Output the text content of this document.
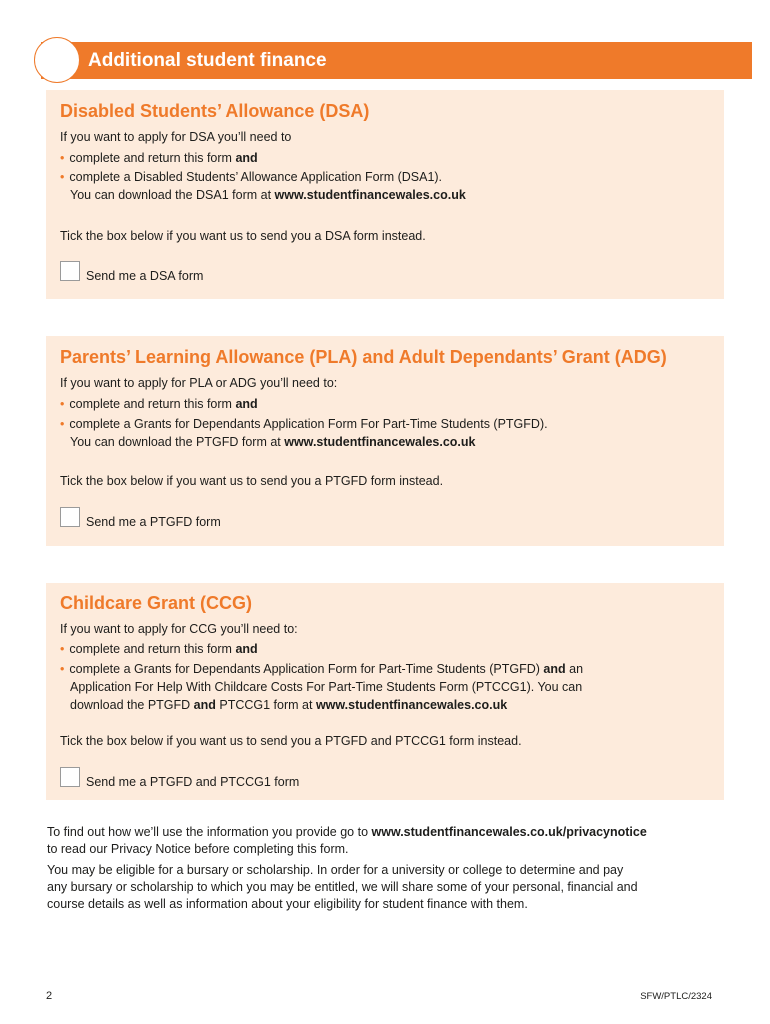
Additional student finance
Disabled Students’ Allowance (DSA)

If you want to apply for DSA you’ll need to

• complete and return this form and

• complete a Disabled Students’ Allowance Application Form (DSA1).

You can download the DSA1 form at www.studentfinancewales.co.uk

Tick the box below if you want us to send you a DSA form instead.

Send me a DSA form
Parents’ Learning Allowance (PLA) and Adult Dependants’ Grant (ADG)

If you want to apply for PLA or ADG you’ll need to:

• complete and return this form and

• complete a Grants for Dependants Application Form For Part-Time Students (PTGFD).

You can download the PTGFD form at www.studentfinancewales.co.uk

Tick the box below if you want us to send you a PTGFD form instead.

Send me a PTGFD form
Childcare Grant (CCG)

If you want to apply for CCG you’ll need to:

• complete and return this form and

• complete a Grants for Dependants Application Form for Part-Time Students (PTGFD) and an

Application For Help With Childcare Costs For Part-Time Students Form (PTCCG1). You can

download the PTGFD and PTCCG1 form at www.studentfinancewales.co.uk

Tick the box below if you want us to send you a PTGFD and PTCCG1 form instead.

Send me a PTGFD and PTCCG1 form

To find out how we’ll use the information you provide go to www.studentfinancewales.co.uk/privacynotice

to read our Privacy Notice before completing this form.

You may be eligible for a bursary or scholarship. In order for a university or college to determine and pay

any bursary or scholarship to which you may be entitled, we will share some of your personal, financial and

course details as well as information about your eligibility for student finance with them.

2	SFW/PTLC/2324
